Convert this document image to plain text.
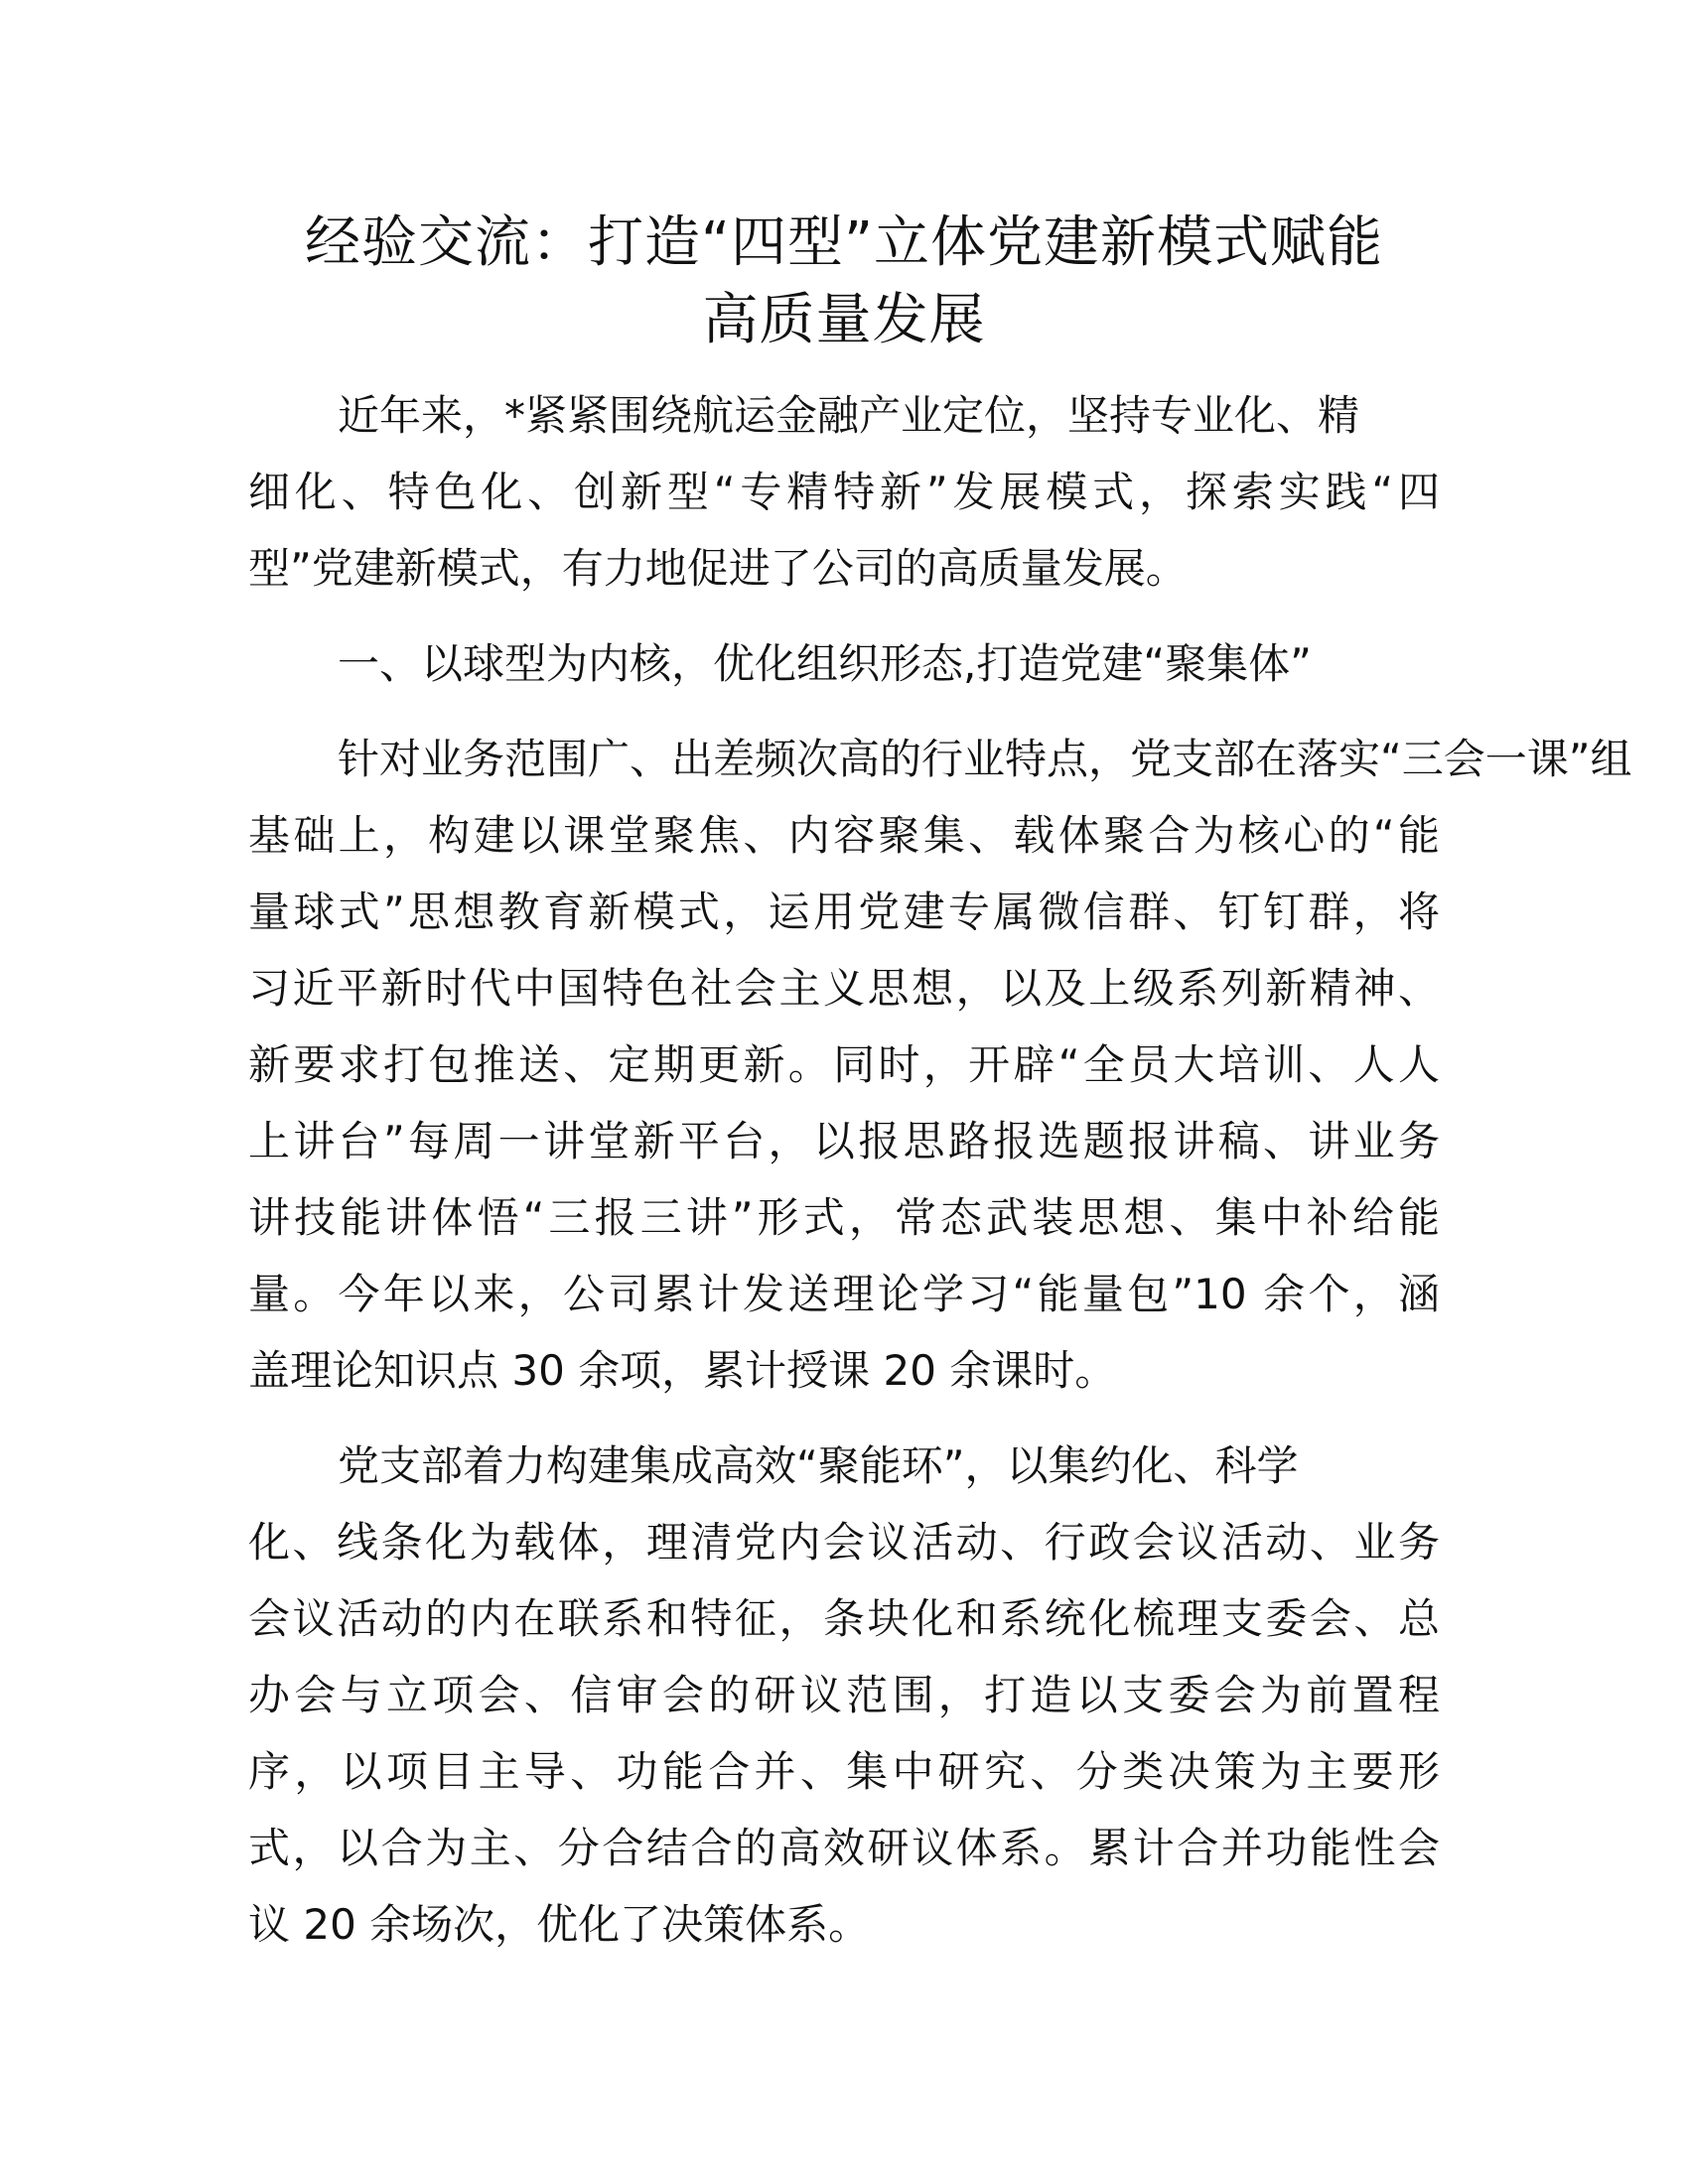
经验交流：打造“四型”立体党建新模式赋能
高质量发展
近年来，*紧紧围绕航运金融产业定位，坚持专业化、精
细化、特色化、创新型“专精特新”发展模式，探索实践“四
型”党建新模式，有力地促进了公司的高质量发展。
一、以球型为内核，优化组织形态,打造党建“聚集体”
针对业务范围广、出差频次高的行业特点，党支部在落实“三会一课”组
基础上，构建以课堂聚焦、内容聚集、载体聚合为核心的“能
量球式”思想教育新模式，运用党建专属微信群、钉钉群，将
习近平新时代中国特色社会主义思想，以及上级系列新精神、
新要求打包推送、定期更新。同时，开辟“全员大培训、人人
上讲台”每周一讲堂新平台，以报思路报选题报讲稿、讲业务
讲技能讲体悟“三报三讲”形式，常态武装思想、集中补给能
量。今年以来，公司累计发送理论学习“能量包”10 余个，涵
盖理论知识点 30 余项，累计授课 20 余课时。
党支部着力构建集成高效“聚能环”，以集约化、科学
化、线条化为载体，理清党内会议活动、行政会议活动、业务
会议活动的内在联系和特征，条块化和系统化梳理支委会、总
办会与立项会、信审会的研议范围，打造以支委会为前置程
序，以项目主导、功能合并、集中研究、分类决策为主要形
式，以合为主、分合结合的高效研议体系。累计合并功能性会
议 20 余场次，优化了决策体系。
